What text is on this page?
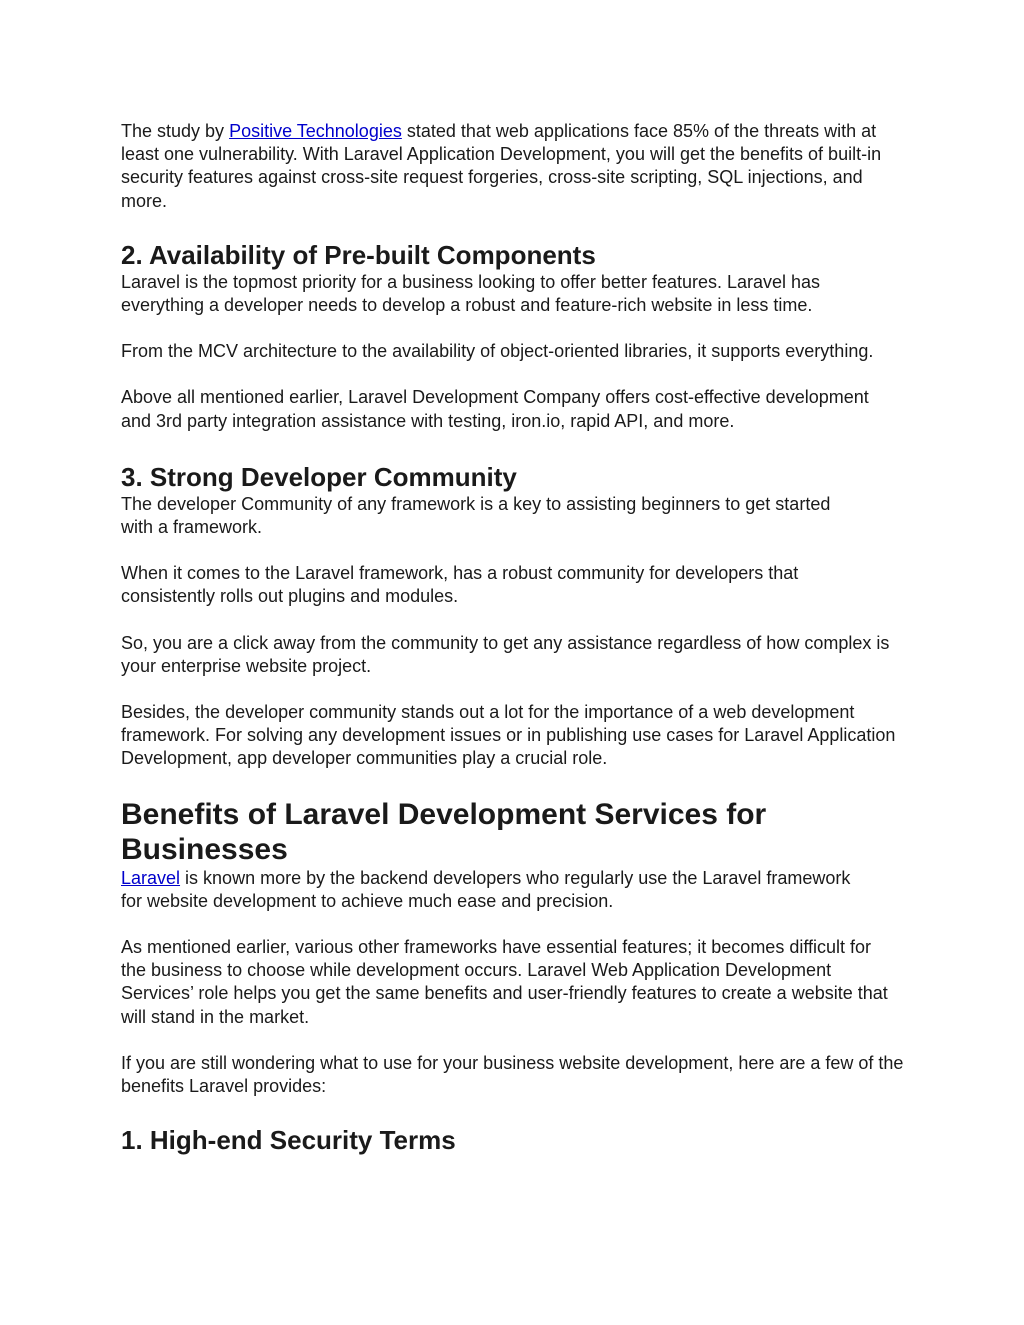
The study by Positive Technologies stated that web applications face 85% of the threats with at least one vulnerability. With Laravel Application Development, you will get the benefits of built-in security features against cross-site request forgeries, cross-site scripting, SQL injections, and more.

2. Availability of Pre-built Components

Laravel is the topmost priority for a business looking to offer better features. Laravel has everything a developer needs to develop a robust and feature-rich website in less time.

From the MCV architecture to the availability of object-oriented libraries, it supports everything.

Above all mentioned earlier, Laravel Development Company offers cost-effective development and 3rd party integration assistance with testing, iron.io, rapid API, and more.

3. Strong Developer Community

The developer Community of any framework is a key to assisting beginners to get started with a framework.

When it comes to the Laravel framework, has a robust community for developers that consistently rolls out plugins and modules.

So, you are a click away from the community to get any assistance regardless of how complex is your enterprise website project.

Besides, the developer community stands out a lot for the importance of a web development framework. For solving any development issues or in publishing use cases for Laravel Application Development, app developer communities play a crucial role.

Benefits of Laravel Development Services for Businesses

Laravel is known more by the backend developers who regularly use the Laravel framework for website development to achieve much ease and precision.

As mentioned earlier, various other frameworks have essential features; it becomes difficult for the business to choose while development occurs. Laravel Web Application Development Services’ role helps you get the same benefits and user-friendly features to create a website that will stand in the market.

If you are still wondering what to use for your business website development, here are a few of the benefits Laravel provides:

1. High-end Security Terms
